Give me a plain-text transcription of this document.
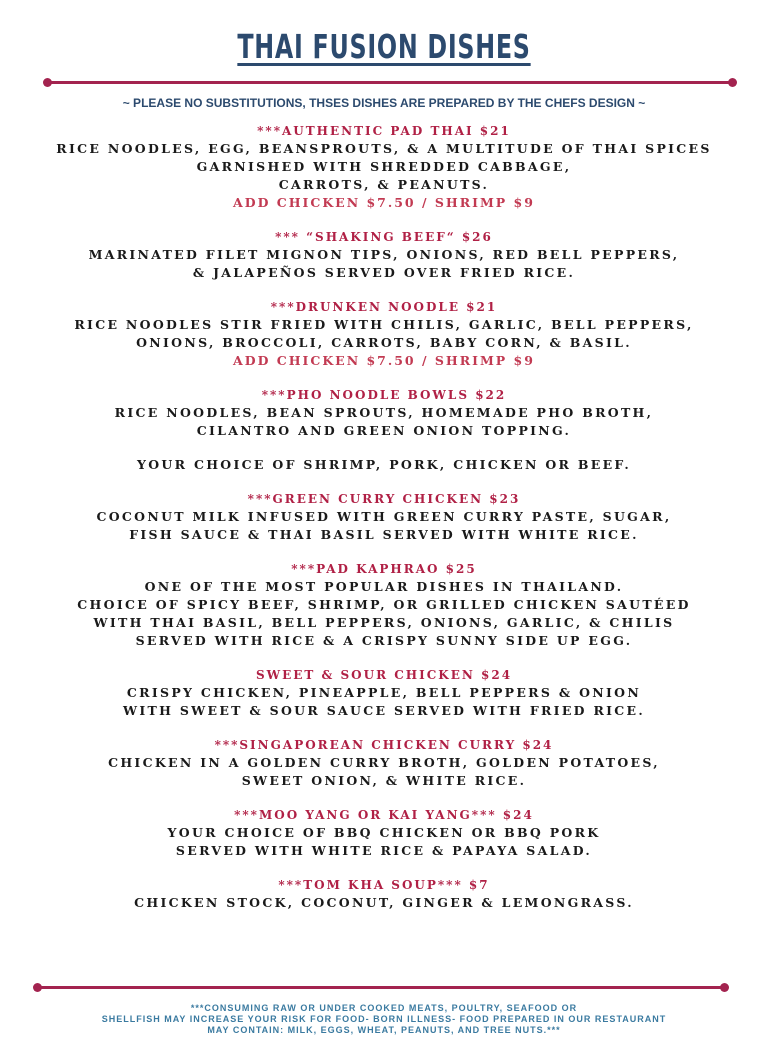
THAI FUSION DISHES
~ PLEASE NO SUBSTITUTIONS, THSES DISHES ARE PREPARED BY THE CHEFS DESIGN ~
***AUTHENTIC PAD THAI $21
RICE NOODLES, EGG, BEANSPROUTS, & A MULTITUDE OF THAI SPICES
GARNISHED WITH SHREDDED CABBAGE,
CARROTS, & PEANUTS.
ADD CHICKEN $7.50 / SHRIMP $9
*** “SHAKING BEEF“ $26
MARINATED FILET MIGNON TIPS, ONIONS, RED BELL PEPPERS,
& JALAPEÑOS SERVED OVER FRIED RICE.
***DRUNKEN NOODLE $21
RICE NOODLES STIR FRIED WITH CHILIS, GARLIC, BELL PEPPERS,
ONIONS, BROCCOLI, CARROTS, BABY CORN, & BASIL.
ADD CHICKEN $7.50 / SHRIMP $9
***PHO NOODLE BOWLS $22
RICE NOODLES, BEAN SPROUTS, HOMEMADE PHO BROTH,
CILANTRO AND GREEN ONION TOPPING.
YOUR CHOICE OF SHRIMP, PORK, CHICKEN OR BEEF.
***GREEN CURRY CHICKEN $23
COCONUT MILK INFUSED WITH GREEN CURRY PASTE, SUGAR,
FISH SAUCE & THAI BASIL SERVED WITH WHITE RICE.
***PAD KAPHRAO $25
ONE OF THE MOST POPULAR DISHES IN THAILAND.
CHOICE OF SPICY BEEF, SHRIMP, OR GRILLED CHICKEN SAUTÉED
WITH THAI BASIL, BELL PEPPERS, ONIONS, GARLIC, & CHILIS
SERVED WITH RICE & A CRISPY SUNNY SIDE UP EGG.
SWEET & SOUR CHICKEN $24
CRISPY CHICKEN, PINEAPPLE, BELL PEPPERS & ONION
WITH SWEET & SOUR SAUCE SERVED WITH FRIED RICE.
***SINGAPOREAN CHICKEN CURRY $24
CHICKEN IN A GOLDEN CURRY BROTH, GOLDEN POTATOES,
SWEET ONION, & WHITE RICE.
***MOO YANG OR KAI YANG*** $24
YOUR CHOICE OF BBQ CHICKEN OR BBQ PORK
SERVED WITH WHITE RICE & PAPAYA SALAD.
***TOM KHA SOUP*** $7
CHICKEN STOCK, COCONUT, GINGER & LEMONGRASS.
***CONSUMING RAW OR UNDER COOKED MEATS, POULTRY, SEAFOOD OR
SHELLFISH MAY INCREASE YOUR RISK FOR FOOD- BORN ILLNESS- FOOD PREPARED IN OUR RESTAURANT
MAY CONTAIN: MILK, EGGS, WHEAT, PEANUTS, AND TREE NUTS.***
